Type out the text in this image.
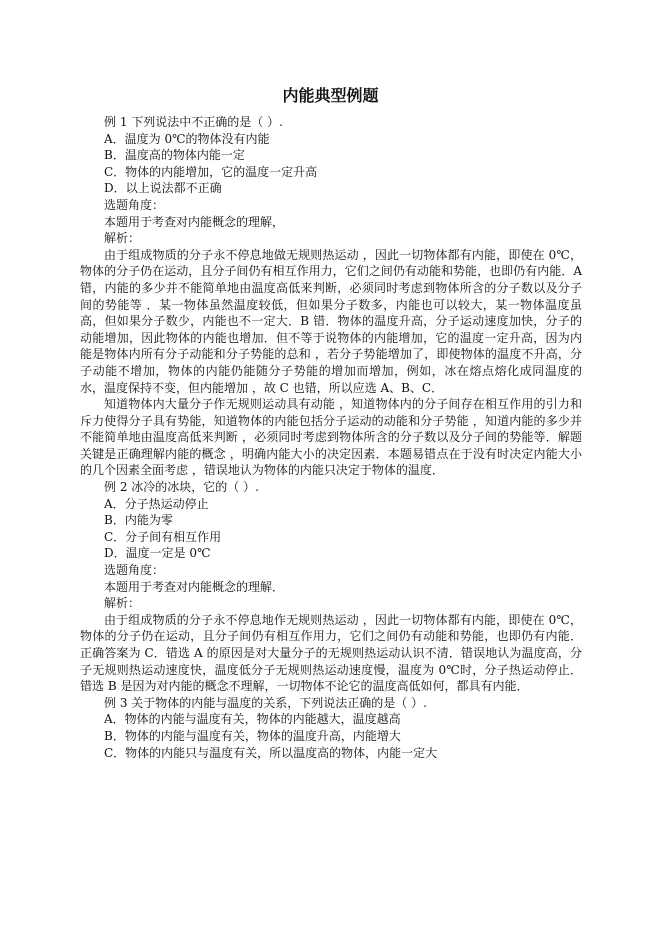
内能典型例题

例 1 下列说法中不正确的是（ ）.

A．温度为 0℃的物体没有内能

B．温度高的物体内能一定

C．物体的内能增加，它的温度一定升高

D．以上说法都不正确

选题角度：

本题用于考查对内能概念的理解，

解析：

由于组成物质的分子永不停息地做无规则热运动 ，因此一切物体都有内能，即使在 0℃，物体的分子仍在运动，且分子间仍有相互作用力，它们之间仍有动能和势能，也即仍有内能．A 错，内能的多少并不能简单地由温度高低来判断，必须同时考虑到物体所含的分子数以及分子间的势能等 ．某一物体虽然温度较低，但如果分子数多，内能也可以较大，某一物体温度虽高，但如果分子数少，内能也不一定大．B 错．物体的温度升高，分子运动速度加快，分子的动能增加，因此物体的内能也增加．但不等于说物体的内能增加，它的温度一定升高，因为内能是物体内所有分子动能和分子势能的总和 ，若分子势能增加了，即使物体的温度不升高，分子动能不增加，物体的内能仍能随分子势能的增加而增加，例如，冰在熔点熔化成同温度的水，温度保持不变，但内能增加 ，故 C 也错，所以应选 A、B、C．

知道物体内大量分子作无规则运动具有动能 ，知道物体内的分子间存在相互作用的引力和斥力使得分子具有势能，知道物体的内能包括分子运动的动能和分子势能 ，知道内能的多少并不能简单地由温度高低来判断 ，必须同时考虑到物体所含的分子数以及分子间的势能等．解题关键是正确理解内能的概念 ，明确内能大小的决定因素．本题易错点在于没有时决定内能大小的几个因素全面考虑 ，错误地认为物体的内能只决定于物体的温度．

例 2 冰冷的冰块，它的（ ）.

A．分子热运动停止

B．内能为零

C．分子间有相互作用

D．温度一定是 0℃

选题角度：

本题用于考查对内能概念的理解．

解析：

由于组成物质的分子永不停息地作无规则热运动 ，因此一切物体都有内能，即使在 0℃，物体的分子仍在运动，且分子间仍有相互作用力，它们之间仍有动能和势能，也即仍有内能．正确答案为 C．错选 A 的原因是对大量分子的无规则热运动认识不清．错误地认为温度高，分子无规则热运动速度快，温度低分子无规则热运动速度慢，温度为 0℃时，分子热运动停止．错选 B 是因为对内能的概念不理解，一切物体不论它的温度高低如何，都具有内能．

例 3 关于物体的内能与温度的关系，下列说法正确的是（ ）.

A．物体的内能与温度有关，物体的内能越大，温度越高

B．物体的内能与温度有关，物体的温度升高，内能增大

C．物体的内能只与温度有关，所以温度高的物体，内能一定大
